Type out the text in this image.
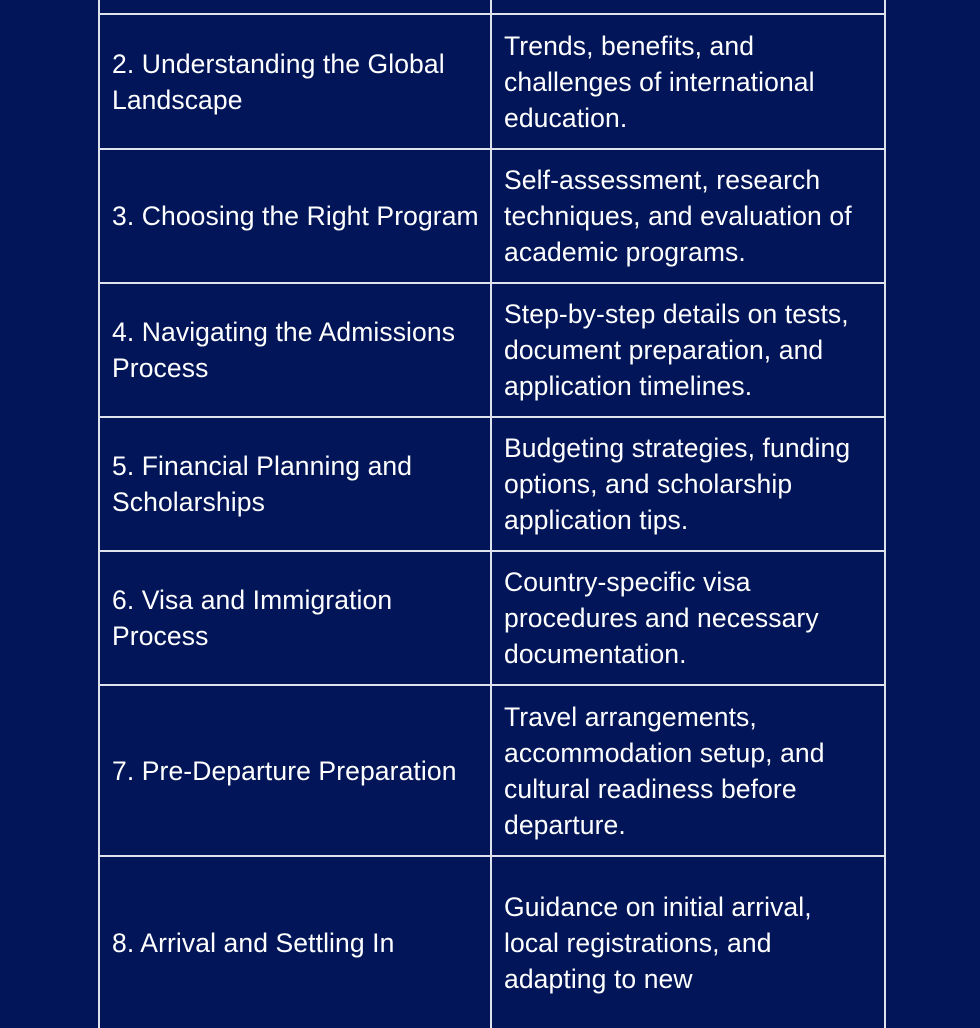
2. Understanding the Global Landscape
Trends, benefits, and challenges of international education.
3. Choosing the Right Program
Self-assessment, research techniques, and evaluation of academic programs.
4. Navigating the Admissions Process
Step-by-step details on tests, document preparation, and application timelines.
5. Financial Planning and Scholarships
Budgeting strategies, funding options, and scholarship application tips.
6. Visa and Immigration Process
Country-specific visa procedures and necessary documentation.
7. Pre-Departure Preparation
Travel arrangements, accommodation setup, and cultural readiness before departure.
8. Arrival and Settling In
Guidance on initial arrival, local registrations, and adapting to new
